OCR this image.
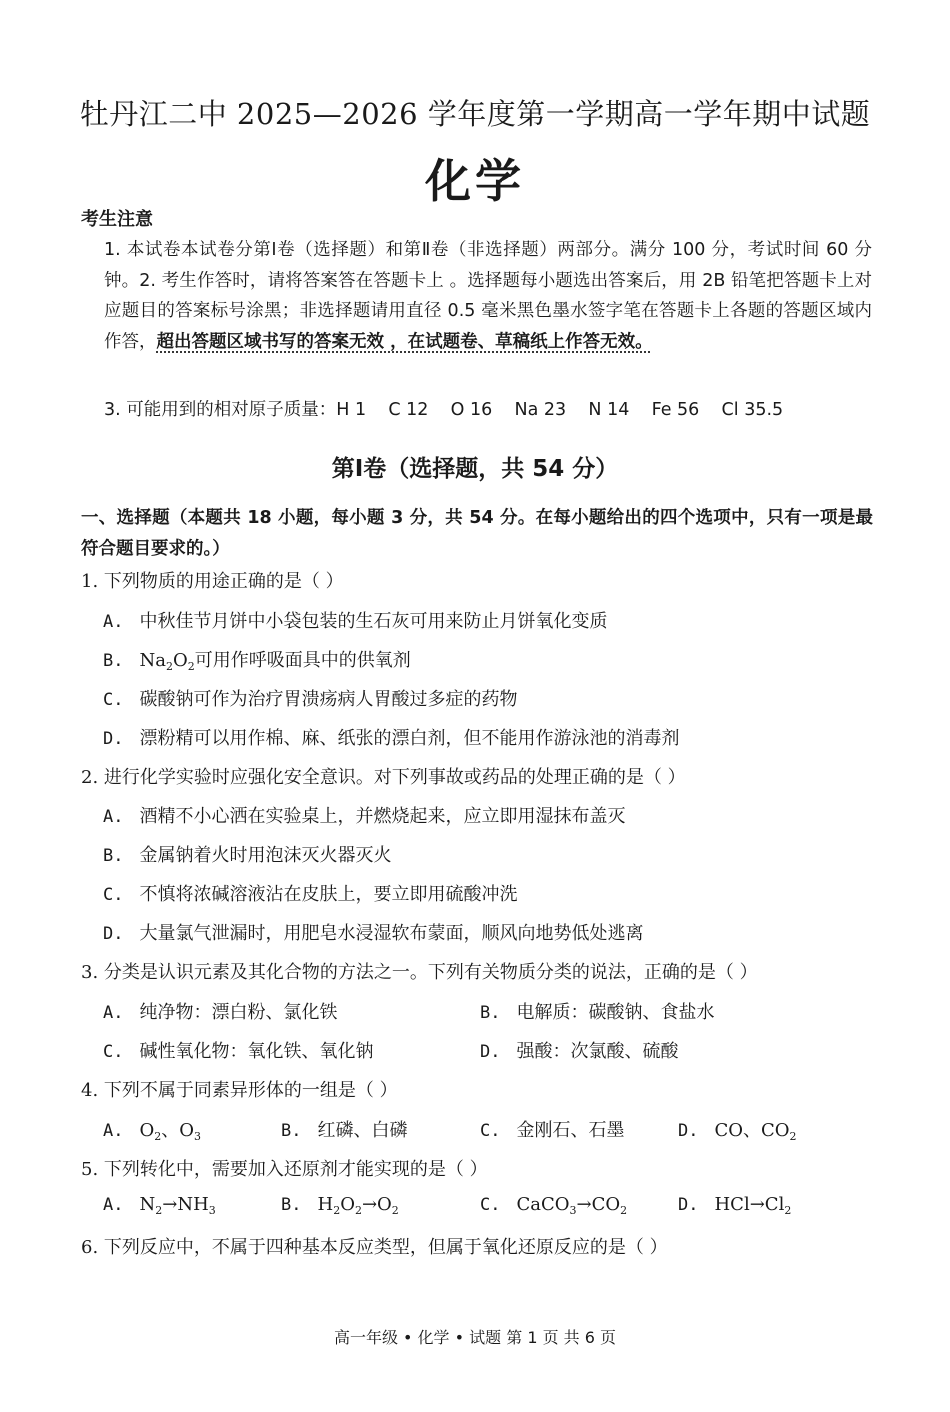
牡丹江二中 2025—2026 学年度第一学期高一学年期中试题
化学
考生注意
1. 本试卷本试卷分第Ⅰ卷（选择题）和第Ⅱ卷（非选择题）两部分。满分 100 分，考试时间 60 分钟。2. 考生作答时，请将答案答在答题卡上 。选择题每小题选出答案后，用 2B 铅笔把答题卡上对 应题目的答案标号涂黑；非选择题请用直径 0.5 毫米黑色墨水签字笔在答题卡上各题的答题区域内作答，超出答题区域书写的答案无效 ，在试题卷、草稿纸上作答无效。
3. 可能用到的相对原子质量：H 1    C 12    O 16    Na 23    N 14    Fe 56    Cl 35.5
第Ⅰ卷（选择题，共 54 分）
一、选择题（本题共 18 小题，每小题 3 分，共 54 分。在每小题给出的四个选项中，只有一项是最符合题目要求的。）
1. 下列物质的用途正确的是（ ）
A. 中秋佳节月饼中小袋包装的生石灰可用来防止月饼氧化变质
B. $Na_2O_2$可用作呼吸面具中的供氧剂
C. 碳酸钠可作为治疗胃溃疡病人胃酸过多症的药物
D. 漂粉精可以用作棉、麻、纸张的漂白剂，但不能用作游泳池的消毒剂
2. 进行化学实验时应强化安全意识。对下列事故或药品的处理正确的是（ ）
A. 酒精不小心洒在实验桌上，并燃烧起来，应立即用湿抹布盖灭
B. 金属钠着火时用泡沫灭火器灭火
C. 不慎将浓碱溶液沾在皮肤上，要立即用硫酸冲洗
D. 大量氯气泄漏时，用肥皂水浸湿软布蒙面，顺风向地势低处逃离
3. 分类是认识元素及其化合物的方法之一。下列有关物质分类的说法，正确的是（ ）
A. 纯净物：漂白粉、氯化铁	B. 电解质：碳酸钠、食盐水
C. 碱性氧化物：氧化铁、氧化钠	D. 强酸：次氯酸、硫酸
4. 下列不属于同素异形体的一组是（ ）
A. $O_2$、$O_3$	B. 红磷、白磷	C. 金刚石、石墨	D. CO、$CO_2$
5. 下列转化中，需要加入还原剂才能实现的是（ ）
A. $N_2\to NH_3$	B. $H_2O_2\to O_2$	C. $CaCO_3\to CO_2$	D. $HCl\to Cl_2$
6. 下列反应中，不属于四种基本反应类型，但属于氧化还原反应的是（ ）
高一年级 • 化学 • 试题 第 1 页 共 6 页
